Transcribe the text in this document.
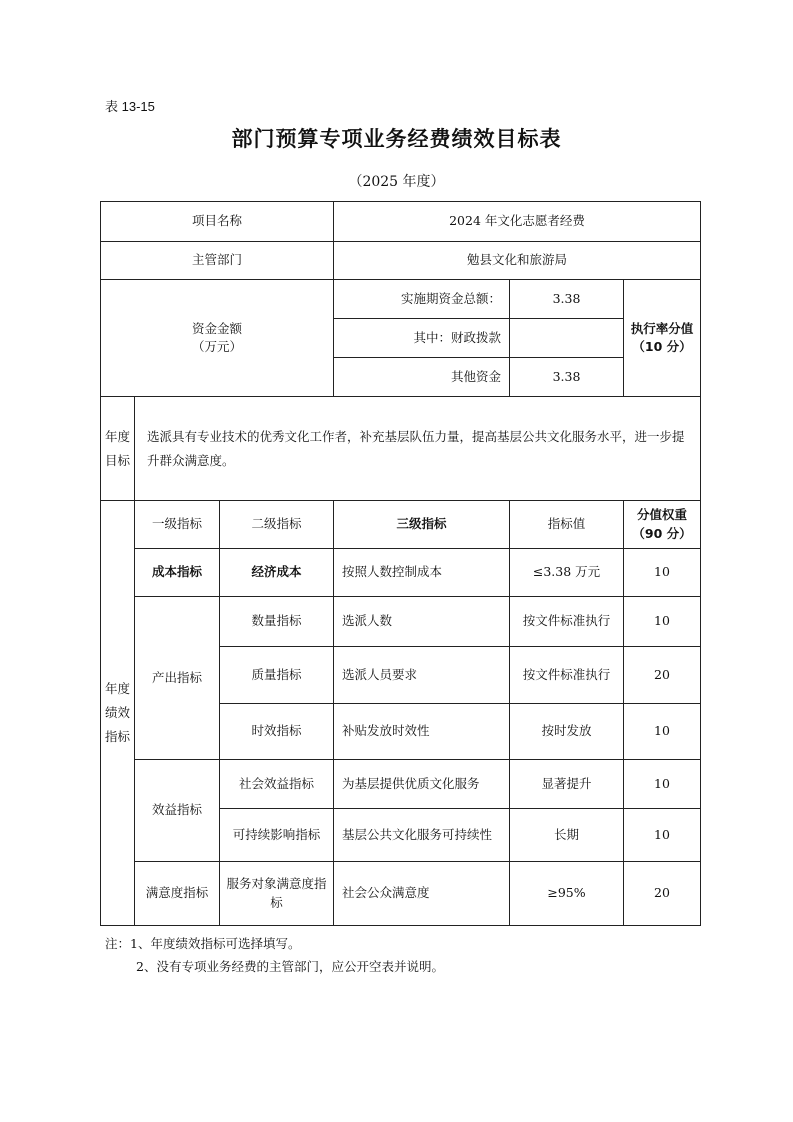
表 13-15
部门预算专项业务经费绩效目标表
（2025 年度）
项目名称			2024 年文化志愿者经费		
主管部门			勉县文化和旅游局		

资金金额
（万元）			实施期资金总额：	3.38	执行率分值（10 分）
			其中：财政拨款		
			其他资金	3.38	
年度目标	选派具有专业技术的优秀文化工作者，补充基层队伍力量，提高基层公共文化服务水平，进一步提升群众满意度。				
年度绩效指标	一级指标	二级指标	三级指标	指标值	分值权重（90 分）
	成本指标	经济成本	按照人数控制成本	≤3.38 万元	10
	产出指标	数量指标	选派人数	按文件标准执行	10
		质量指标	选派人员要求	按文件标准执行	20
		时效指标	补贴发放时效性	按时发放	10
	效益指标	社会效益指标	为基层提供优质文化服务	显著提升	10
		可持续影响指标	基层公共文化服务可持续性	长期	10
	满意度指标	服务对象满意度指标	社会公众满意度	≥95%	20
注：1、年度绩效指标可选择填写。
2、没有专项业务经费的主管部门，应公开空表并说明。
